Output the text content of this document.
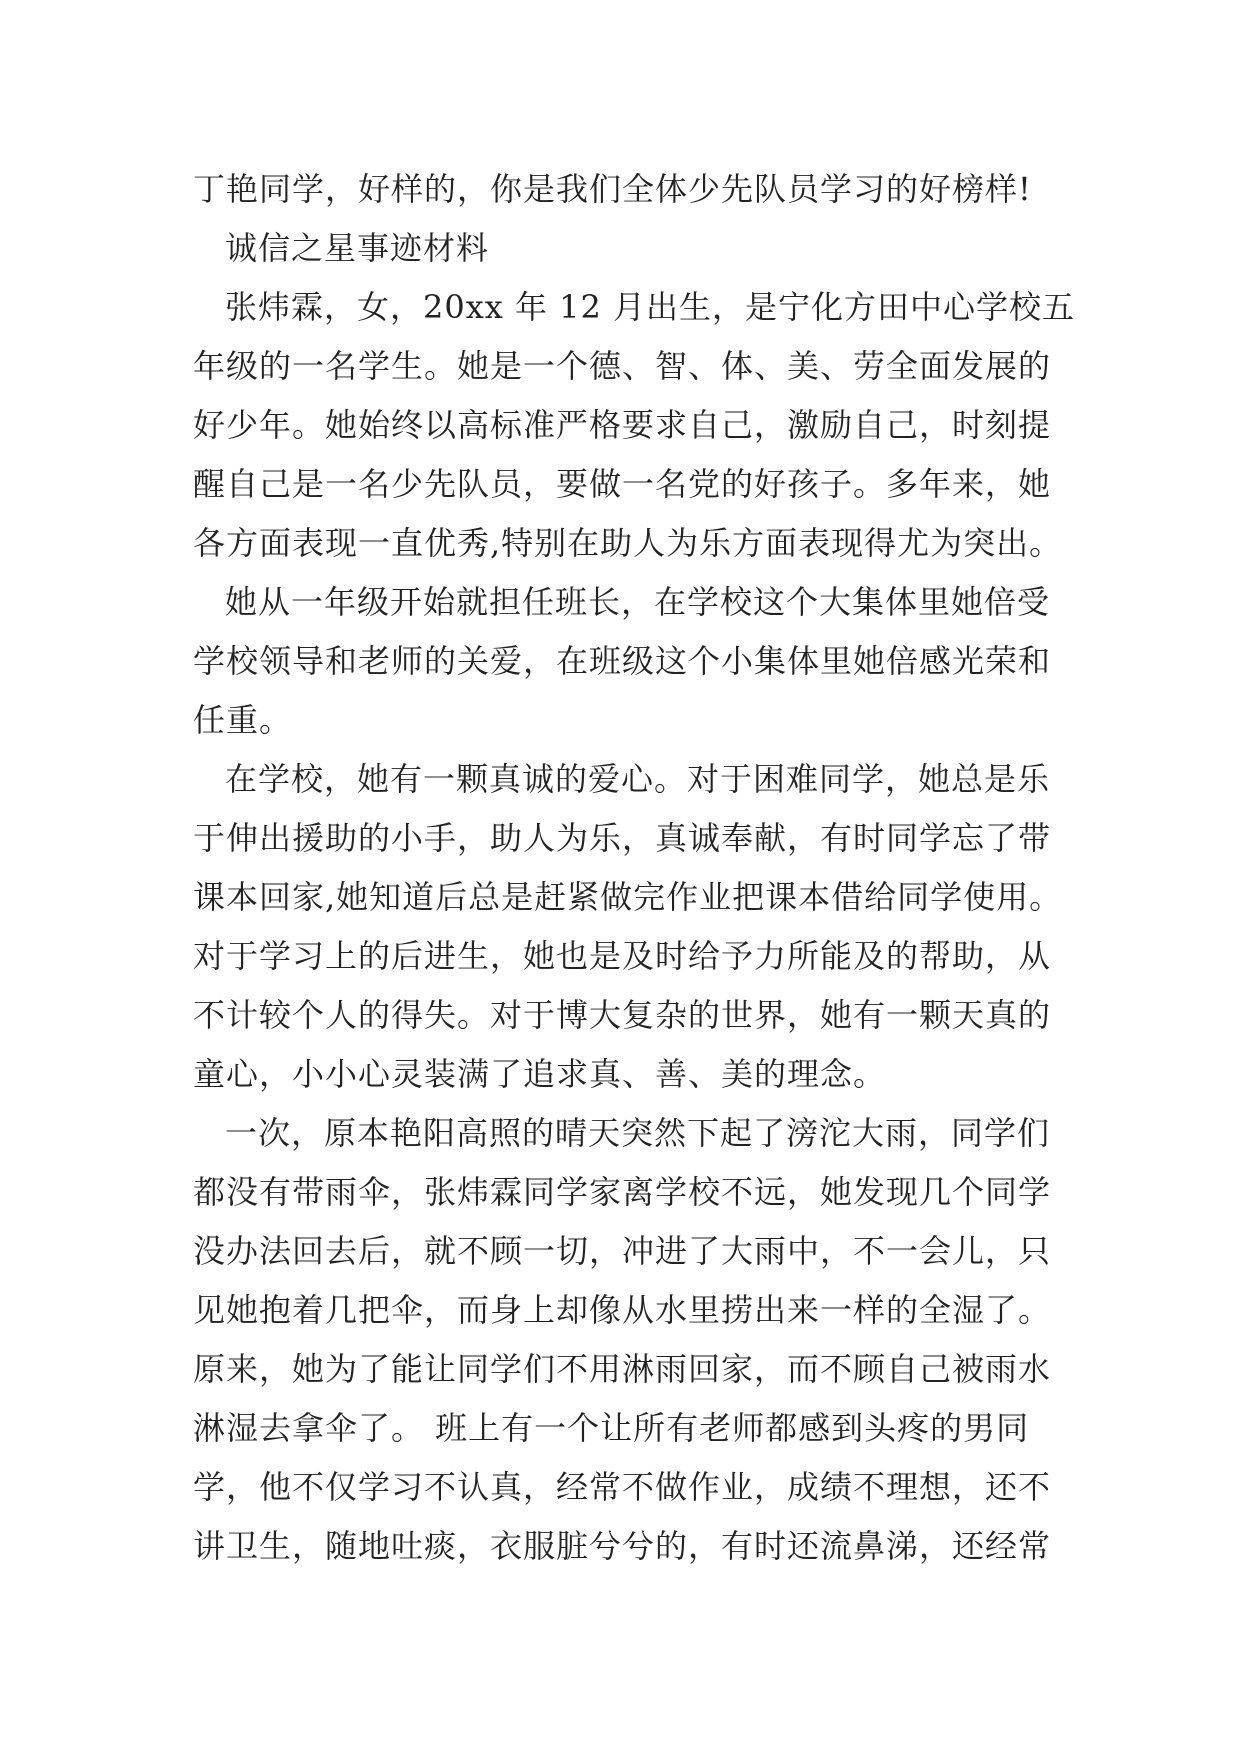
丁艳同学，好样的，你是我们全体少先队员学习的好榜样!
诚信之星事迹材料
张炜霖，女，20xx 年 12 月出生，是宁化方田中心学校五
年级的一名学生。她是一个德、智、体、美、劳全面发展的
好少年。她始终以高标准严格要求自己，激励自己，时刻提
醒自己是一名少先队员，要做一名党的好孩子。多年来，她
各方面表现一直优秀,特别在助人为乐方面表现得尤为突出。
她从一年级开始就担任班长，在学校这个大集体里她倍受
学校领导和老师的关爱，在班级这个小集体里她倍感光荣和
任重。
在学校，她有一颗真诚的爱心。对于困难同学，她总是乐
于伸出援助的小手，助人为乐，真诚奉献，有时同学忘了带
课本回家,她知道后总是赶紧做完作业把课本借给同学使用。
对于学习上的后进生，她也是及时给予力所能及的帮助，从
不计较个人的得失。对于博大复杂的世界，她有一颗天真的
童心，小小心灵装满了追求真、善、美的理念。
一次，原本艳阳高照的晴天突然下起了滂沱大雨，同学们
都没有带雨伞，张炜霖同学家离学校不远，她发现几个同学
没办法回去后，就不顾一切，冲进了大雨中，不一会儿，只
见她抱着几把伞，而身上却像从水里捞出来一样的全湿了。
原来，她为了能让同学们不用淋雨回家，而不顾自己被雨水
淋湿去拿伞了。 班上有一个让所有老师都感到头疼的男同
学，他不仅学习不认真，经常不做作业，成绩不理想，还不
讲卫生，随地吐痰，衣服脏兮兮的，有时还流鼻涕，还经常
